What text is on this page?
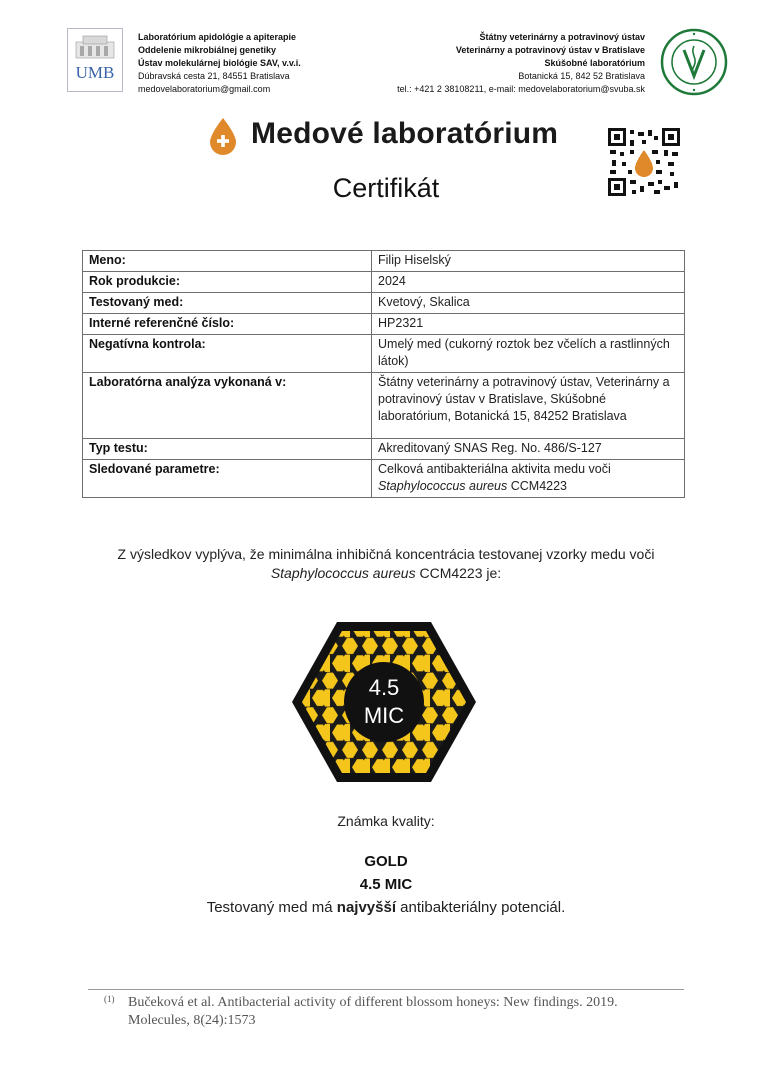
UMB
Laboratórium apidológie a apiterapie
Oddelenie mikrobiálnej genetiky
Ústav molekulárnej biológie SAV, v.v.i.
Dúbravská cesta 21, 84551 Bratislava
medovelaboratorium@gmail.com
Štátny veterinárny a potravinový ústav
Veterinárny a potravinový ústav v Bratislave
Skúšobné laboratórium
Botanická 15, 842 52 Bratislava
tel.: +421 2 38108211, e-mail: medovelaboratorium@svuba.sk
Medové laboratórium
Certifikát
Meno:	Filip Hiselský
Rok produkcie:	2024
Testovaný med:	Kvetový, Skalica
Interné referenčné číslo:	HP2321
Negatívna kontrola:	Umelý med (cukorný roztok bez včelích a rastlinných látok)
Laboratórna analýza vykonaná v:	Štátny veterinárny a potravinový ústav, Veterinárny a potravinový ústav v Bratislave, Skúšobné laboratórium, Botanická 15, 84252 Bratislava
Typ testu:	Akreditovaný SNAS Reg. No. 486/S-127
Sledované parametre:	Celková antibakteriálna aktivita medu voči
Staphylococcus aureus CCM4223
Z výsledkov vyplýva, že minimálna inhibičná koncentrácia testovanej vzorky medu voči
Staphylococcus aureus CCM4223 je:
4.5
MIC
Známka kvality:
GOLD
4.5 MIC
Testovaný med má najvyšší antibakteriálny potenciál.
(1) Bučeková et al. Antibacterial activity of different blossom honeys: New findings. 2019.
Molecules, 8(24):1573
